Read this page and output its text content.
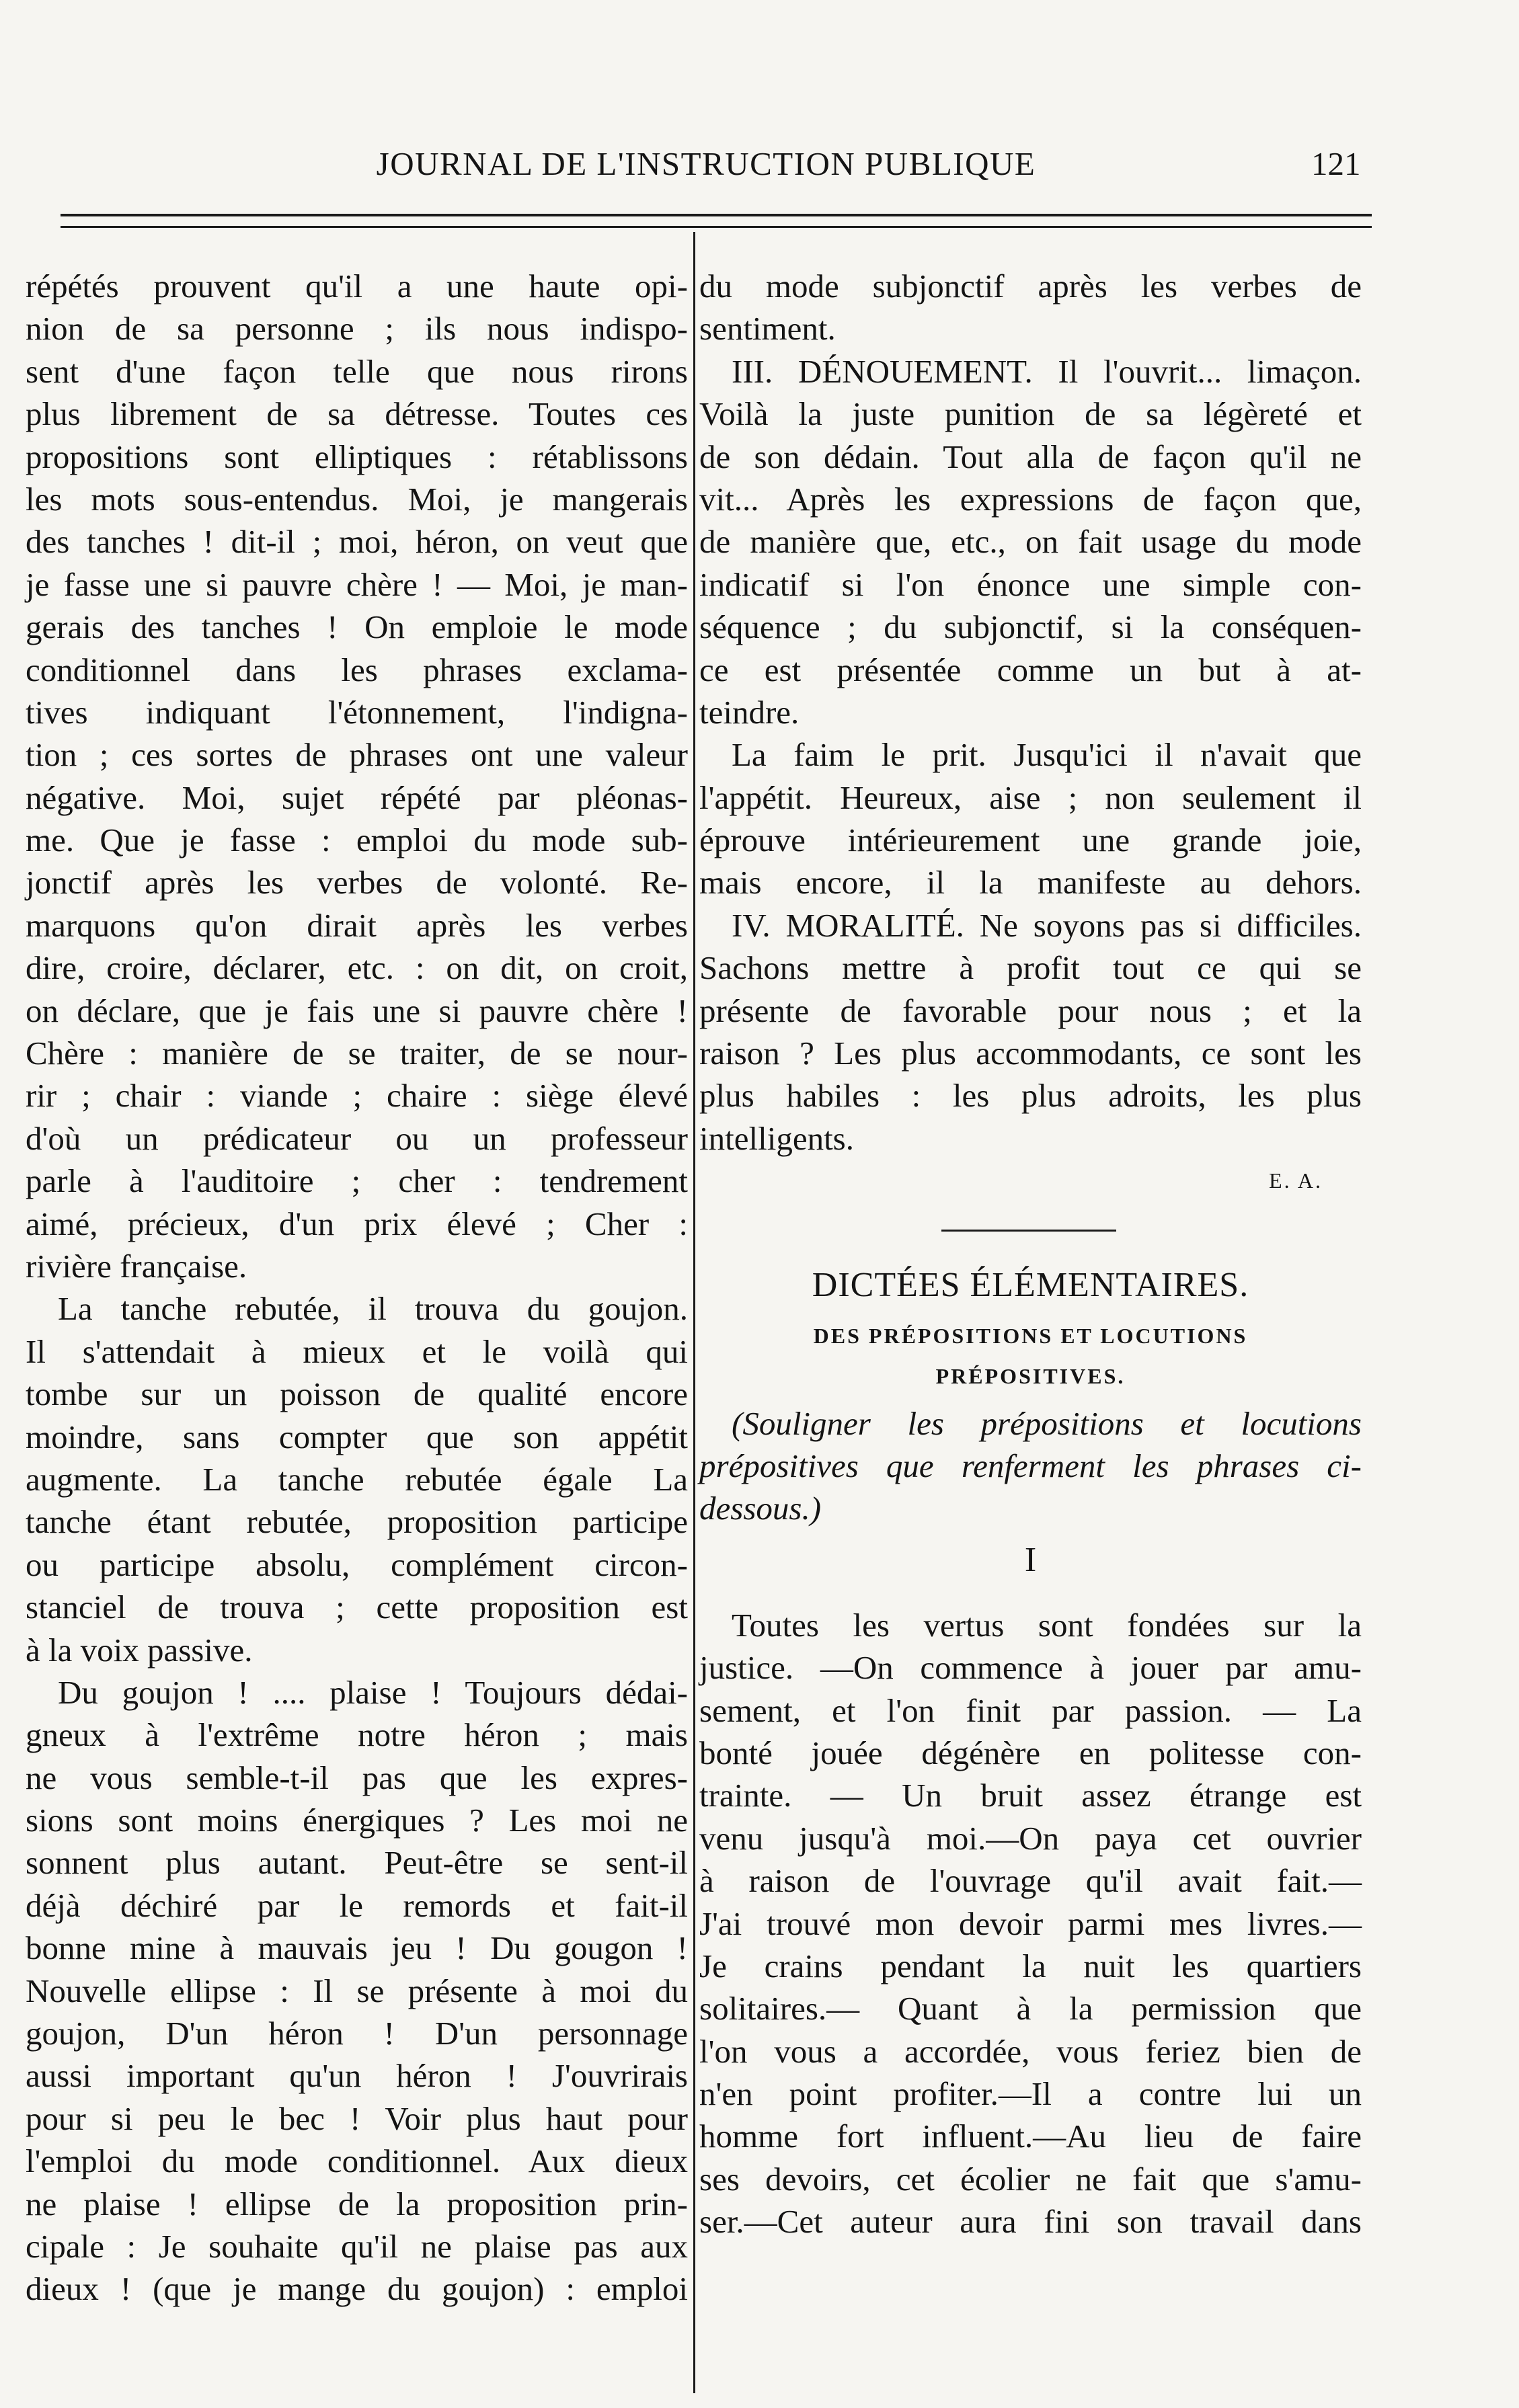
JOURNAL DE L'INSTRUCTION PUBLIQUE	121
répétés prouvent qu'il a une haute opi-
nion de sa personne ; ils nous indispo-
sent d'une façon telle que nous rirons
plus librement de sa détresse. Toutes ces
propositions sont elliptiques : rétablissons
les mots sous-entendus. Moi, je mangerais
des tanches ! dit-il ; moi, héron, on veut que
je fasse une si pauvre chère ! — Moi, je man-
gerais des tanches ! On emploie le mode
conditionnel dans les phrases exclama-
tives indiquant l'étonnement, l'indigna-
tion ; ces sortes de phrases ont une valeur
négative. Moi, sujet répété par pléonas-
me. Que je fasse : emploi du mode sub-
jonctif après les verbes de volonté. Re-
marquons qu'on dirait après les verbes
dire, croire, déclarer, etc. : on dit, on croit,
on déclare, que je fais une si pauvre chère !
Chère : manière de se traiter, de se nour-
rir ; chair : viande ; chaire : siège élevé
d'où un prédicateur ou un professeur
parle à l'auditoire ; cher : tendrement
aimé, précieux, d'un prix élevé ; Cher :
rivière française.
La tanche rebutée, il trouva du goujon.
Il s'attendait à mieux et le voilà qui
tombe sur un poisson de qualité encore
moindre, sans compter que son appétit
augmente. La tanche rebutée égale La
tanche étant rebutée, proposition participe
ou participe absolu, complément circon-
stanciel de trouva ; cette proposition est
à la voix passive.
Du goujon ! .... plaise ! Toujours dédai-
gneux à l'extrême notre héron ; mais
ne vous semble-t-il pas que les expres-
sions sont moins énergiques ? Les moi ne
sonnent plus autant. Peut-être se sent-il
déjà déchiré par le remords et fait-il
bonne mine à mauvais jeu ! Du gougon !
Nouvelle ellipse : Il se présente à moi du
goujon, D'un héron ! D'un personnage
aussi important qu'un héron ! J'ouvrirais
pour si peu le bec ! Voir plus haut pour
l'emploi du mode conditionnel. Aux dieux
ne plaise ! ellipse de la proposition prin-
cipale : Je souhaite qu'il ne plaise pas aux
dieux ! (que je mange du goujon) : emploi
du mode subjonctif après les verbes de
sentiment.
III. DÉNOUEMENT. Il l'ouvrit... limaçon.
Voilà la juste punition de sa légèreté et
de son dédain. Tout alla de façon qu'il ne
vit... Après les expressions de façon que,
de manière que, etc., on fait usage du mode
indicatif si l'on énonce une simple con-
séquence ; du subjonctif, si la conséquen-
ce est présentée comme un but à at-
teindre.
La faim le prit. Jusqu'ici il n'avait que
l'appétit. Heureux, aise ; non seulement il
éprouve intérieurement une grande joie,
mais encore, il la manifeste au dehors.
IV. MORALITÉ. Ne soyons pas si difficiles.
Sachons mettre à profit tout ce qui se
présente de favorable pour nous ; et la
raison ? Les plus accommodants, ce sont les
plus habiles : les plus adroits, les plus
intelligents.
E. A.
DICTÉES ÉLÉMENTAIRES.
DES PRÉPOSITIONS ET LOCUTIONS
PRÉPOSITIVES.
(Souligner les prépositions et locutions
prépositives que renferment les phrases ci-
dessous.)
I
Toutes les vertus sont fondées sur la
justice. —On commence à jouer par amu-
sement, et l'on finit par passion. — La
bonté jouée dégénère en politesse con-
trainte. — Un bruit assez étrange est
venu jusqu'à moi.—On paya cet ouvrier
à raison de l'ouvrage qu'il avait fait.—
J'ai trouvé mon devoir parmi mes livres.—
Je crains pendant la nuit les quartiers
solitaires.— Quant à la permission que
l'on vous a accordée, vous feriez bien de
n'en point profiter.—Il a contre lui un
homme fort influent.—Au lieu de faire
ses devoirs, cet écolier ne fait que s'amu-
ser.—Cet auteur aura fini son travail dans
